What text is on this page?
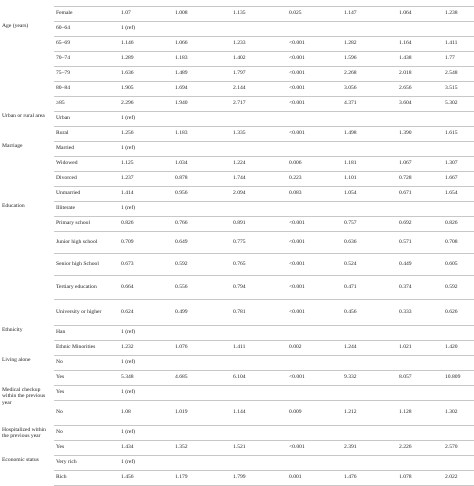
	Female	1.07	1.008	1.135	0.025	1.147	1.064	1.238
Age (years)	60–64	1 (ref)						
	65–69	1.146	1.066	1.233	<0.001	1.282	1.164	1.411
	70–74	1.289	1.183	1.402	<0.001	1.596	1.438	1.77
	75–79	1.636	1.489	1.797	<0.001	2.268	2.018	2.548
	80–84	1.905	1.694	2.144	<0.001	3.056	2.656	3.515
	≥85	2.296	1.940	2.717	<0.001	4.371	3.604	5.302
Urban or rural area	Urban	1 (ref)						
	Rural	1.256	1.183	1.335	<0.001	1.498	1.390	1.615
Marriage	Married	1 (ref)						
	Widowed	1.125	1.034	1.224	0.006	1.181	1.067	1.307
	Divorced	1.237	0.878	1.744	0.223	1.101	0.728	1.667
	Unmarried	1.414	0.956	2.094	0.083	1.054	0.671	1.654
Education	Illiterate	1 (ref)						
	Primary school	0.826	0.766	0.891	<0.001	0.757	0.692	0.826
	Junior high school	0.709	0.649	0.775	<0.001	0.636	0.571	0.708
	Senior high School	0.673	0.592	0.765	<0.001	0.524	0.449	0.605
	Tertiary education	0.664	0.556	0.794	<0.001	0.471	0.374	0.592
	University or higher	0.624	0.499	0.781	<0.001	0.456	0.333	0.626
Ethnicity	Han	1 (ref)						
	Ethnic Minorities	1.232	1.076	1.411	0.002	1.244	1.021	1.420
Living alone	No	1 (ref)						
	Yes	5.348	4.685	6.104	<0.001	9.332	8.057	10.809
Medical checkup within the previous year	Yes	1 (ref)						
	No	1.08	1.019	1.144	0.009	1.212	1.128	1.302
Hospitalized within the previous year	No	1 (ref)						
	Yes	1.434	1.352	1.521	<0.001	2.391	2.226	2.570
Economic status	Very rich	1 (ref)						
	Rich	1.456	1.179	1.799	0.001	1.476	1.078	2.022
